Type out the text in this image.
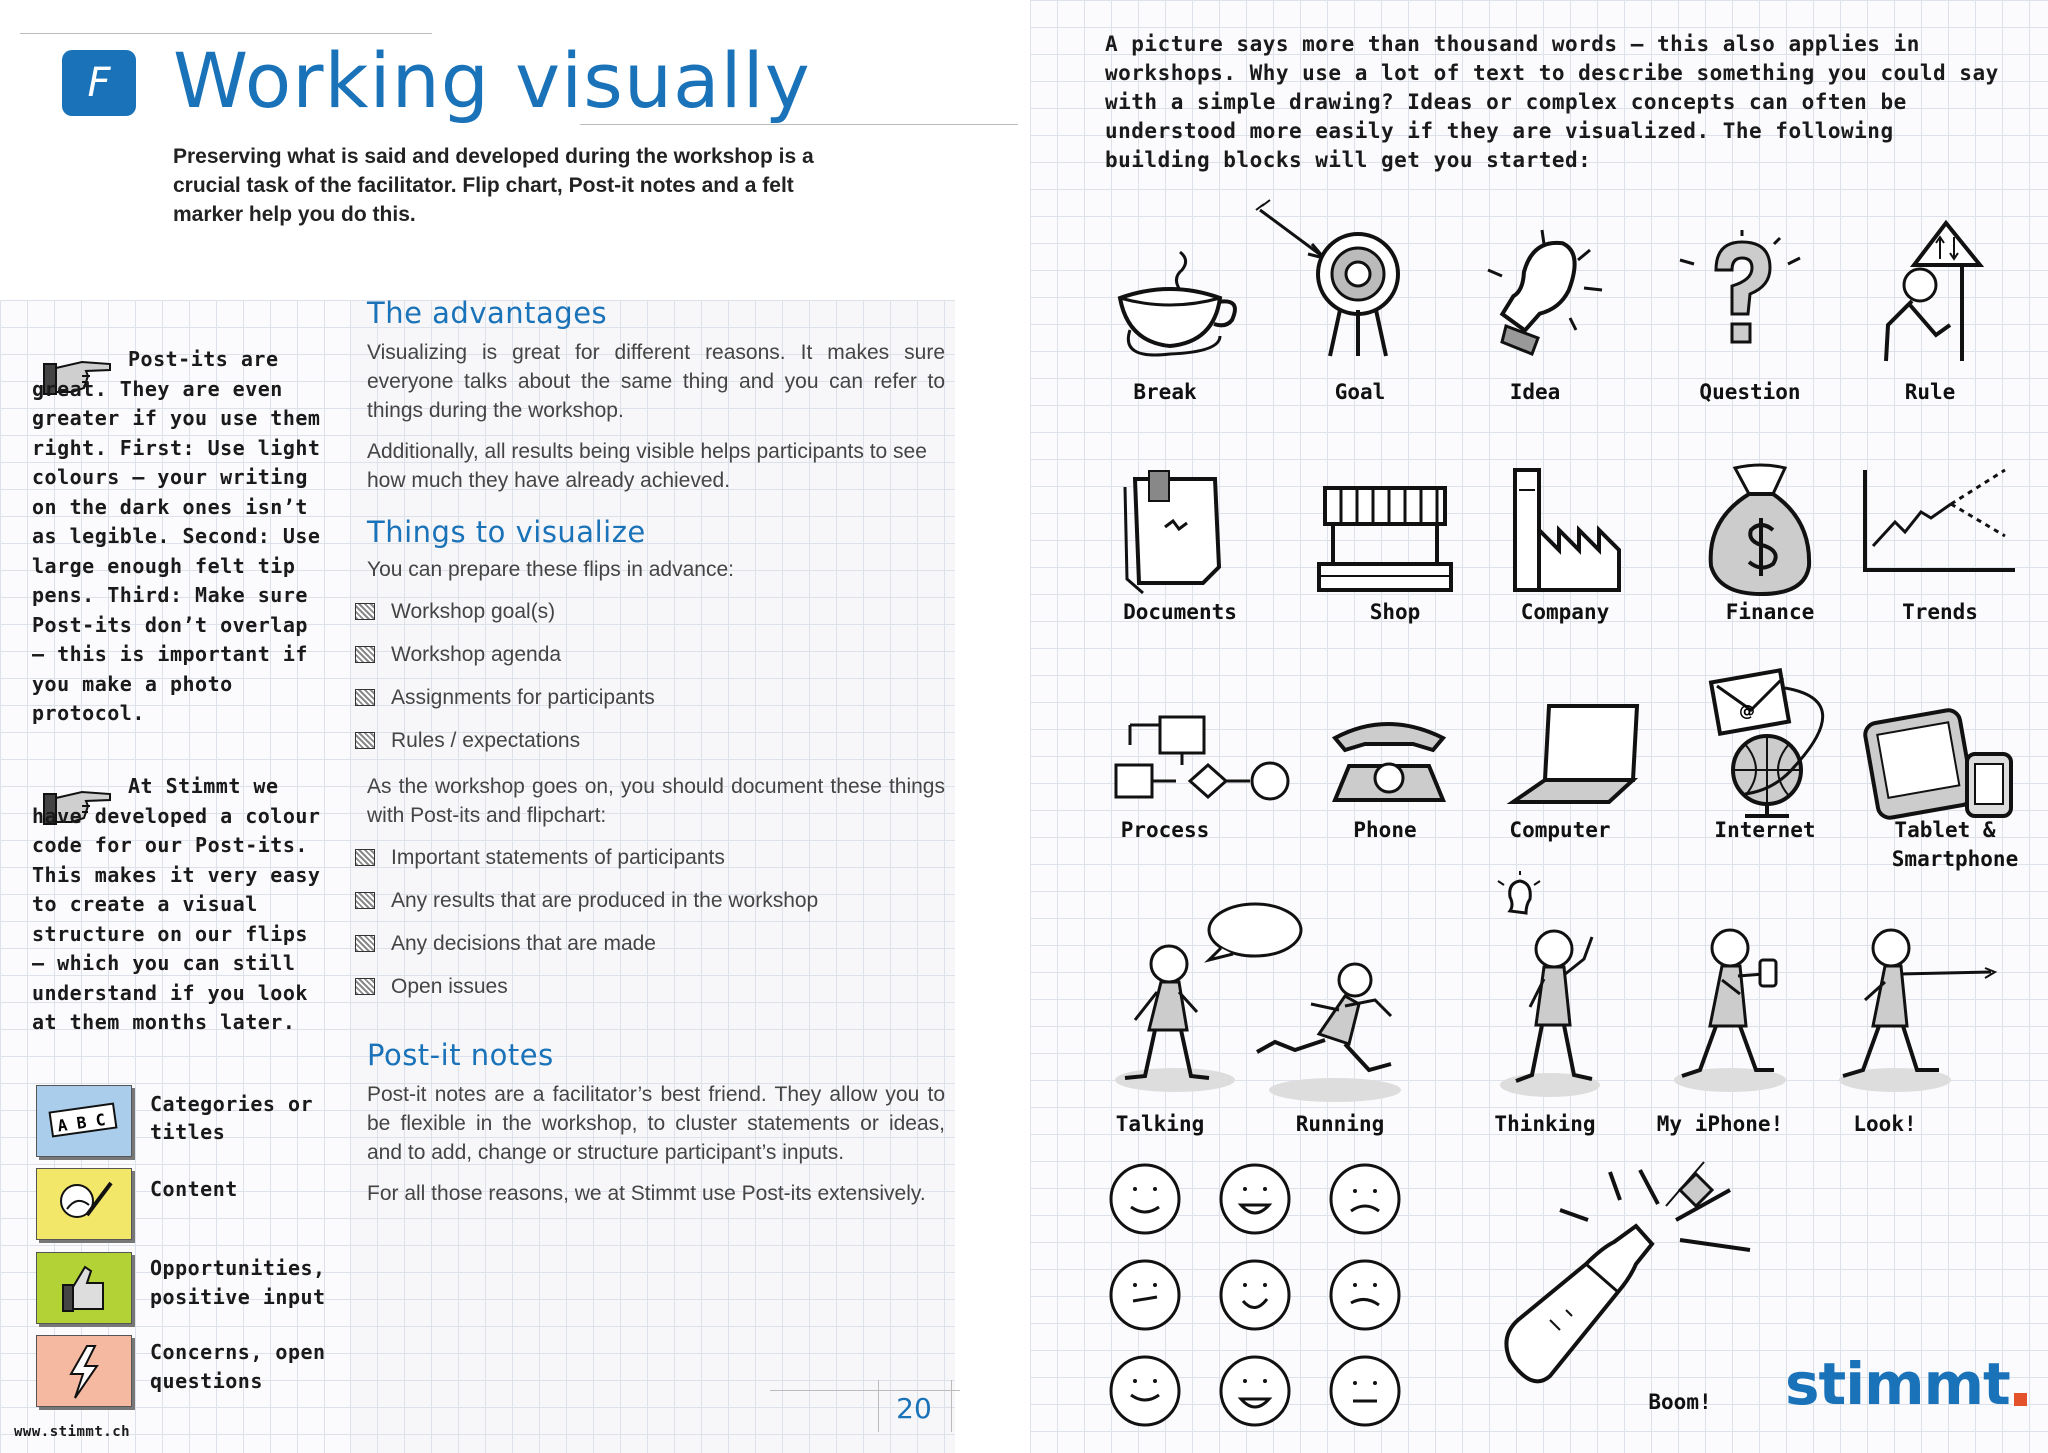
F Working visually
Preserving what is said and developed during the workshop is a crucial task of the facilitator. Flip chart, Post-it notes and a felt marker help you do this.
Post-its are great. They are even greater if you use them right. First: Use light colours – your writing on the dark ones isn’t as legible. Second: Use large enough felt tip pens. Third: Make sure Post-its don’t overlap – this is important if you make a photo protocol.
At Stimmt we have developed a colour code for our Post-its. This makes it very easy to create a visual structure on our flips – which you can still understand if you look at them months later.
A B C
Categories or titles
Content
Opportunities, positive input
Concerns, open questions
www.stimmt.ch
The advantages
Visualizing is great for different reasons. It makes sure everyone talks about the same thing and you can refer to things during the workshop.
Additionally, all results being visible helps participants to see how much they have already achieved.
Things to visualize
You can prepare these flips in advance:
Workshop goal(s)
Workshop agenda
Assignments for participants
Rules / expectations
As the workshop goes on, you should document these things with Post-its and flipchart:
Important statements of participants
Any results that are produced in the workshop
Any decisions that are made
Open issues
Post-it notes
Post-it notes are a facilitator’s best friend. They allow you to be flexible in the workshop, to cluster statements or ideas, and to add, change or structure participant’s inputs.
For all those reasons, we at Stimmt use Post-its extensively.
20
A picture says more than thousand words – this also applies in workshops. Why use a lot of text to describe something you could say with a simple drawing? Ideas or complex concepts can often be understood more easily if they are visualized. The following building blocks will get you started:
Break	Goal	Idea	Question	Rule
Documents	Shop	Company	Finance	Trends
@
Process	Phone	Computer	Internet	Tablet &
Smartphone
Talking	Running	Thinking	My iPhone!	Look!
Boom! stimmt
